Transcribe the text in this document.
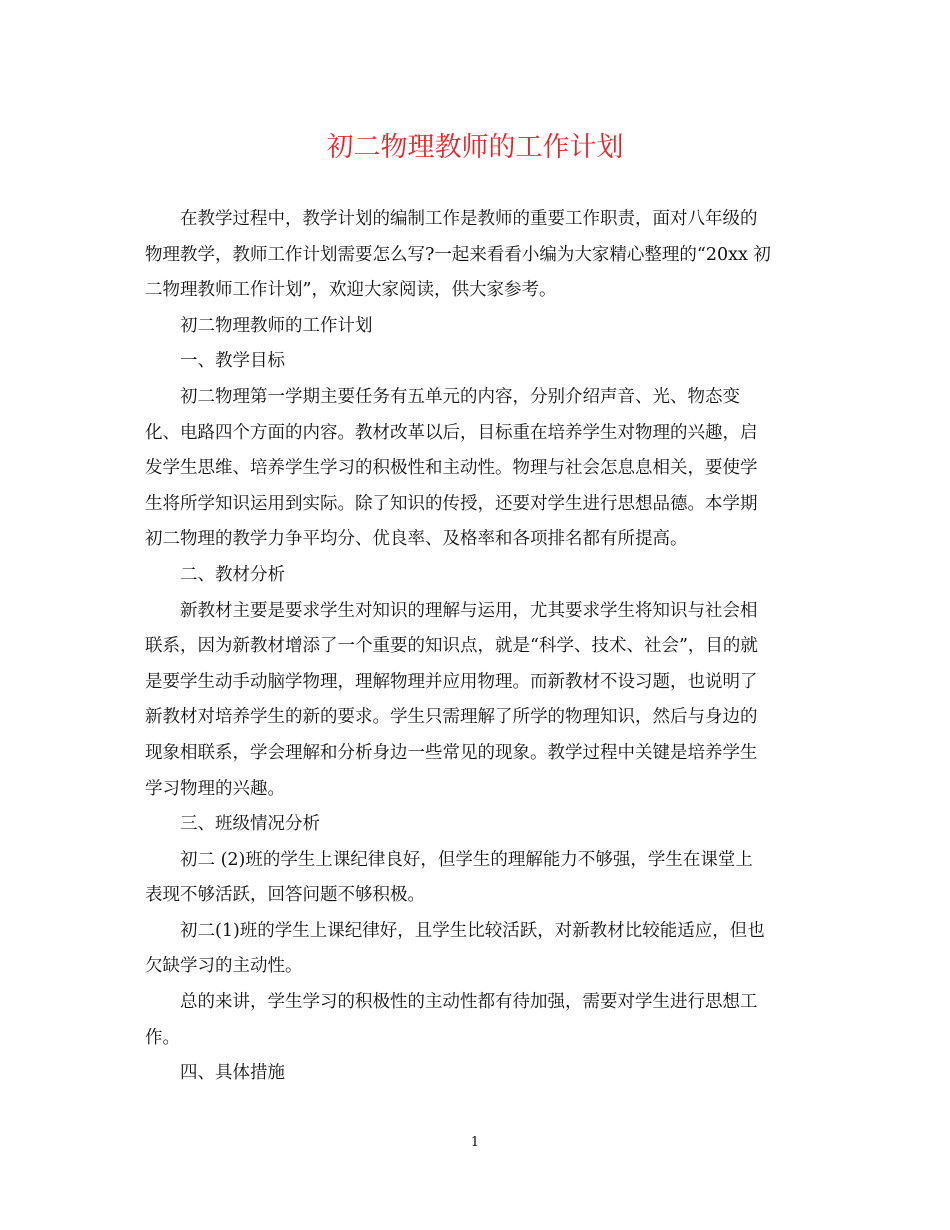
初二物理教师的工作计划
在教学过程中，教学计划的编制工作是教师的重要工作职责，面对八年级的
物理教学，教师工作计划需要怎么写?一起来看看小编为大家精心整理的“20xx 初
二物理教师工作计划”，欢迎大家阅读，供大家参考。
初二物理教师的工作计划
一、教学目标
初二物理第一学期主要任务有五单元的内容，分别介绍声音、光、物态变
化、电路四个方面的内容。教材改革以后，目标重在培养学生对物理的兴趣，启
发学生思维、培养学生学习的积极性和主动性。物理与社会怎息息相关，要使学
生将所学知识运用到实际。除了知识的传授，还要对学生进行思想品德。本学期
初二物理的教学力争平均分、优良率、及格率和各项排名都有所提高。
二、教材分析
新教材主要是要求学生对知识的理解与运用，尤其要求学生将知识与社会相
联系，因为新教材增添了一个重要的知识点，就是“科学、技术、社会”，目的就
是要学生动手动脑学物理，理解物理并应用物理。而新教材不设习题，也说明了
新教材对培养学生的新的要求。学生只需理解了所学的物理知识，然后与身边的
现象相联系，学会理解和分析身边一些常见的现象。教学过程中关键是培养学生
学习物理的兴趣。
三、班级情况分析
初二 (2)班的学生上课纪律良好，但学生的理解能力不够强，学生在课堂上
表现不够活跃，回答问题不够积极。
初二(1)班的学生上课纪律好，且学生比较活跃，对新教材比较能适应，但也
欠缺学习的主动性。
总的来讲，学生学习的积极性的主动性都有待加强，需要对学生进行思想工
作。
四、具体措施
1
